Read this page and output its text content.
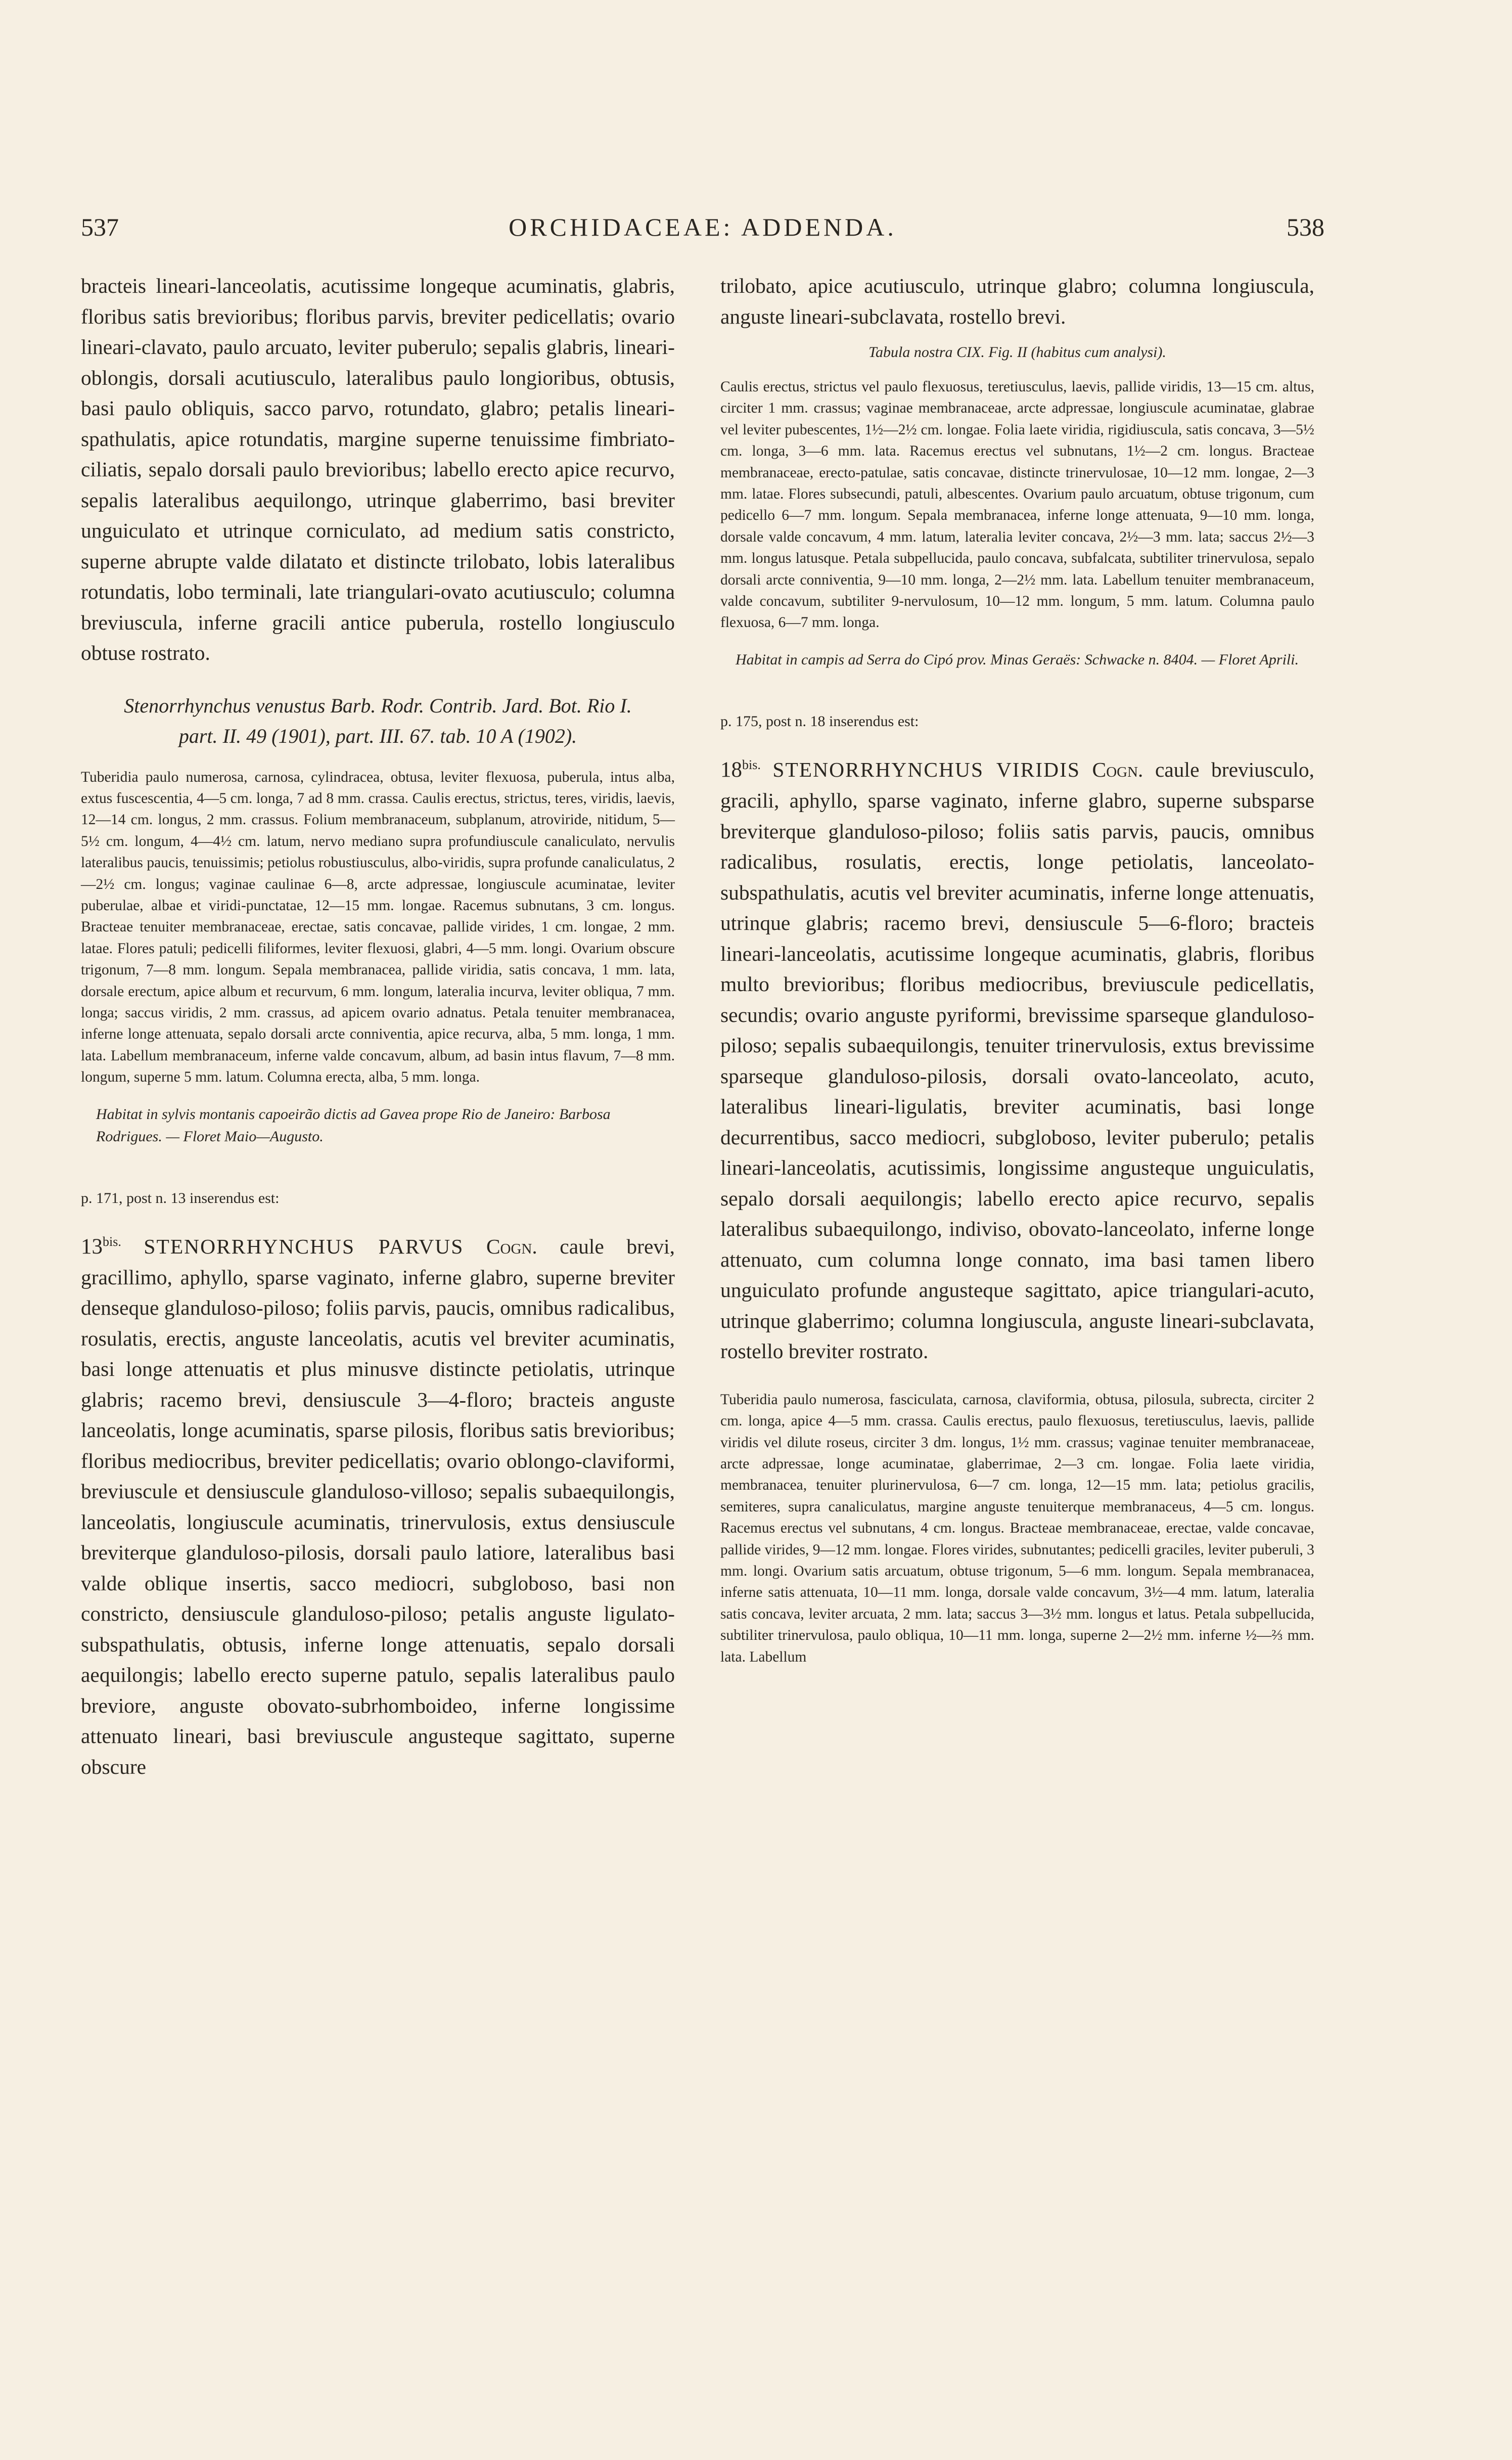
537	ORCHIDACEAE: ADDENDA.	538

bracteis lineari-lanceolatis, acutissime longeque acuminatis, glabris, floribus satis brevioribus; floribus parvis, breviter pedicellatis; ovario lineari-clavato, paulo arcuato, leviter puberulo; sepalis glabris, lineari-oblongis, dorsali acutiusculo, lateralibus paulo longioribus, obtusis, basi paulo obliquis, sacco parvo, rotundato, glabro; petalis lineari-spathulatis, apice rotundatis, margine superne tenuissime fimbriato-ciliatis, sepalo dorsali paulo brevioribus; labello erecto apice recurvo, sepalis lateralibus aequilongo, utrinque glaberrimo, basi breviter unguiculato et utrinque corniculato, ad medium satis constricto, superne abrupte valde dilatato et distincte trilobato, lobis lateralibus rotundatis, lobo terminali, late triangulari-ovato acutiusculo; columna breviuscula, inferne gracili antice puberula, rostello longiusculo obtuse rostrato.

Stenorrhynchus venustus Barb. Rodr. Contrib. Jard. Bot. Rio I. part. II. 49 (1901), part. III. 67. tab. 10 A (1902).

Tuberidia paulo numerosa, carnosa, cylindracea, obtusa, leviter flexuosa, puberula, intus alba, extus fuscescentia, 4—5 cm. longa, 7 ad 8 mm. crassa. Caulis erectus, strictus, teres, viridis, laevis, 12—14 cm. longus, 2 mm. crassus. Folium membranaceum, subplanum, atroviride, nitidum, 5—5½ cm. longum, 4—4½ cm. latum, nervo mediano supra profundiuscule canaliculato, nervulis lateralibus paucis, tenuissimis; petiolus robustiusculus, albo-viridis, supra profunde canaliculatus, 2—2½ cm. longus; vaginae caulinae 6—8, arcte adpressae, longiuscule acuminatae, leviter puberulae, albae et viridi-punctatae, 12—15 mm. longae. Racemus subnutans, 3 cm. longus. Bracteae tenuiter membranaceae, erectae, satis concavae, pallide virides, 1 cm. longae, 2 mm. latae. Flores patuli; pedicelli filiformes, leviter flexuosi, glabri, 4—5 mm. longi. Ovarium obscure trigonum, 7—8 mm. longum. Sepala membranacea, pallide viridia, satis concava, 1 mm. lata, dorsale erectum, apice album et recurvum, 6 mm. longum, lateralia incurva, leviter obliqua, 7 mm. longa; saccus viridis, 2 mm. crassus, ad apicem ovario adnatus. Petala tenuiter membranacea, inferne longe attenuata, sepalo dorsali arcte conniventia, apice recurva, alba, 5 mm. longa, 1 mm. lata. Labellum membranaceum, inferne valde concavum, album, ad basin intus flavum, 7—8 mm. longum, superne 5 mm. latum. Columna erecta, alba, 5 mm. longa.

Habitat in sylvis montanis capoeirão dictis ad Gavea prope Rio de Janeiro: Barbosa Rodrigues. — Floret Maio—Augusto.

p. 171, post n. 13 inserendus est:

$13^{bis.}$ STENORRHYNCHUS PARVUS Cogn. caule brevi, gracillimo, aphyllo, sparse vaginato, inferne glabro, superne breviter denseque glanduloso-piloso; foliis parvis, paucis, omnibus radicalibus, rosulatis, erectis, anguste lanceolatis, acutis vel breviter acuminatis, basi longe attenuatis et plus minusve distincte petiolatis, utrinque glabris; racemo brevi, densiuscule 3—4-floro; bracteis anguste lanceolatis, longe acuminatis, sparse pilosis, floribus satis brevioribus; floribus mediocribus, breviter pedicellatis; ovario oblongo-claviformi, breviuscule et densiuscule glanduloso-villoso; sepalis subaequilongis, lanceolatis, longiuscule acuminatis, trinervulosis, extus densiuscule breviterque glanduloso-pilosis, dorsali paulo latiore, lateralibus basi valde oblique insertis, sacco mediocri, subgloboso, basi non constricto, densiuscule glanduloso-piloso; petalis anguste ligulato-subspathulatis, obtusis, inferne longe attenuatis, sepalo dorsali aequilongis; labello erecto superne patulo, sepalis lateralibus paulo breviore, anguste obovato-subrhomboideo, inferne longissime attenuato lineari, basi breviuscule angusteque sagittato, superne obscure

trilobato, apice acutiusculo, utrinque glabro; columna longiuscula, anguste lineari-subclavata, rostello brevi.

Tabula nostra CIX. Fig. II (habitus cum analysi).

Caulis erectus, strictus vel paulo flexuosus, teretiusculus, laevis, pallide viridis, 13—15 cm. altus, circiter 1 mm. crassus; vaginae membranaceae, arcte adpressae, longiuscule acuminatae, glabrae vel leviter pubescentes, 1½—2½ cm. longae. Folia laete viridia, rigidiuscula, satis concava, 3—5½ cm. longa, 3—6 mm. lata. Racemus erectus vel subnutans, 1½—2 cm. longus. Bracteae membranaceae, erecto-patulae, satis concavae, distincte trinervulosae, 10—12 mm. longae, 2—3 mm. latae. Flores subsecundi, patuli, albescentes. Ovarium paulo arcuatum, obtuse trigonum, cum pedicello 6—7 mm. longum. Sepala membranacea, inferne longe attenuata, 9—10 mm. longa, dorsale valde concavum, 4 mm. latum, lateralia leviter concava, 2½—3 mm. lata; saccus 2½—3 mm. longus latusque. Petala subpellucida, paulo concava, subfalcata, subtiliter trinervulosa, sepalo dorsali arcte conniventia, 9—10 mm. longa, 2—2½ mm. lata. Labellum tenuiter membranaceum, valde concavum, subtiliter 9-nervulosum, 10—12 mm. longum, 5 mm. latum. Columna paulo flexuosa, 6—7 mm. longa.

Habitat in campis ad Serra do Cipó prov. Minas Geraës: Schwacke n. 8404. — Floret Aprili.

p. 175, post n. 18 inserendus est:

$18^{bis.}$ STENORRHYNCHUS VIRIDIS Cogn. caule breviusculo, gracili, aphyllo, sparse vaginato, inferne glabro, superne subsparse breviterque glanduloso-piloso; foliis satis parvis, paucis, omnibus radicalibus, rosulatis, erectis, longe petiolatis, lanceolato-subspathulatis, acutis vel breviter acuminatis, inferne longe attenuatis, utrinque glabris; racemo brevi, densiuscule 5—6-floro; bracteis lineari-lanceolatis, acutissime longeque acuminatis, glabris, floribus multo brevioribus; floribus mediocribus, breviuscule pedicellatis, secundis; ovario anguste pyriformi, brevissime sparseque glanduloso-piloso; sepalis subaequilongis, tenuiter trinervulosis, extus brevissime sparseque glanduloso-pilosis, dorsali ovato-lanceolato, acuto, lateralibus lineari-ligulatis, breviter acuminatis, basi longe decurrentibus, sacco mediocri, subgloboso, leviter puberulo; petalis lineari-lanceolatis, acutissimis, longissime angusteque unguiculatis, sepalo dorsali aequilongis; labello erecto apice recurvo, sepalis lateralibus subaequilongo, indiviso, obovato-lanceolato, inferne longe attenuato, cum columna longe connato, ima basi tamen libero unguiculato profunde angusteque sagittato, apice triangulari-acuto, utrinque glaberrimo; columna longiuscula, anguste lineari-subclavata, rostello breviter rostrato.

Tuberidia paulo numerosa, fasciculata, carnosa, claviformia, obtusa, pilosula, subrecta, circiter 2 cm. longa, apice 4—5 mm. crassa. Caulis erectus, paulo flexuosus, teretiusculus, laevis, pallide viridis vel dilute roseus, circiter 3 dm. longus, 1½ mm. crassus; vaginae tenuiter membranaceae, arcte adpressae, longe acuminatae, glaberrimae, 2—3 cm. longae. Folia laete viridia, membranacea, tenuiter plurinervulosa, 6—7 cm. longa, 12—15 mm. lata; petiolus gracilis, semiteres, supra canaliculatus, margine anguste tenuiterque membranaceus, 4—5 cm. longus. Racemus erectus vel subnutans, 4 cm. longus. Bracteae membranaceae, erectae, valde concavae, pallide virides, 9—12 mm. longae. Flores virides, subnutantes; pedicelli graciles, leviter puberuli, 3 mm. longi. Ovarium satis arcuatum, obtuse trigonum, 5—6 mm. longum. Sepala membranacea, inferne satis attenuata, 10—11 mm. longa, dorsale valde concavum, 3½—4 mm. latum, lateralia satis concava, leviter arcuata, 2 mm. lata; saccus 3—3½ mm. longus et latus. Petala subpellucida, subtiliter trinervulosa, paulo obliqua, 10—11 mm. longa, superne 2—2½ mm. inferne ½—⅔ mm. lata. Labellum
